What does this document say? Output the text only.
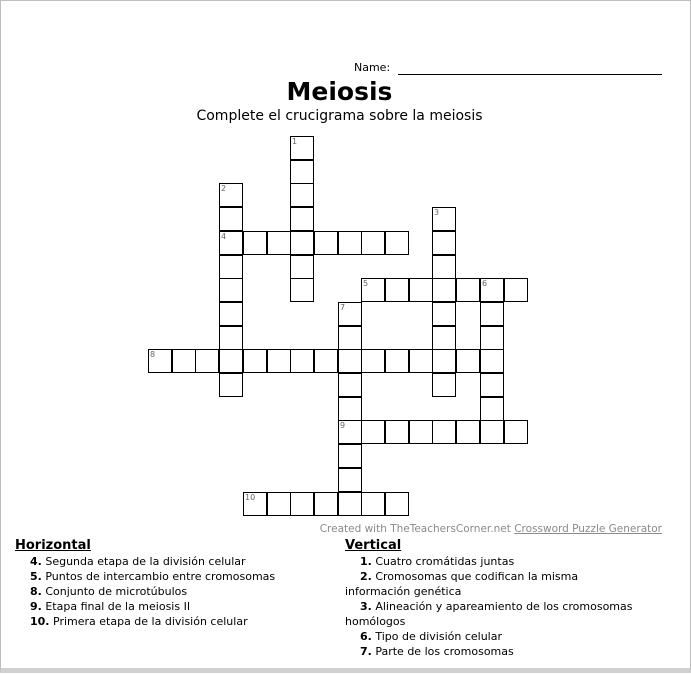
Name:
Meiosis
Complete el crucigrama sobre la meiosis
1
2
3
4
5	6
7
8
9
10
Created with TheTeachersCorner.net Crossword Puzzle Generator
Horizontal
4. Segunda etapa de la división celular
5. Puntos de intercambio entre cromosomas
8. Conjunto de microtúbulos
9. Etapa final de la meiosis II
10. Primera etapa de la división celular
Vertical
1. Cuatro cromátidas juntas
2. Cromosomas que codifican la misma
información genética
3. Alineación y apareamiento de los cromosomas
homólogos
6. Tipo de división celular
7. Parte de los cromosomas
